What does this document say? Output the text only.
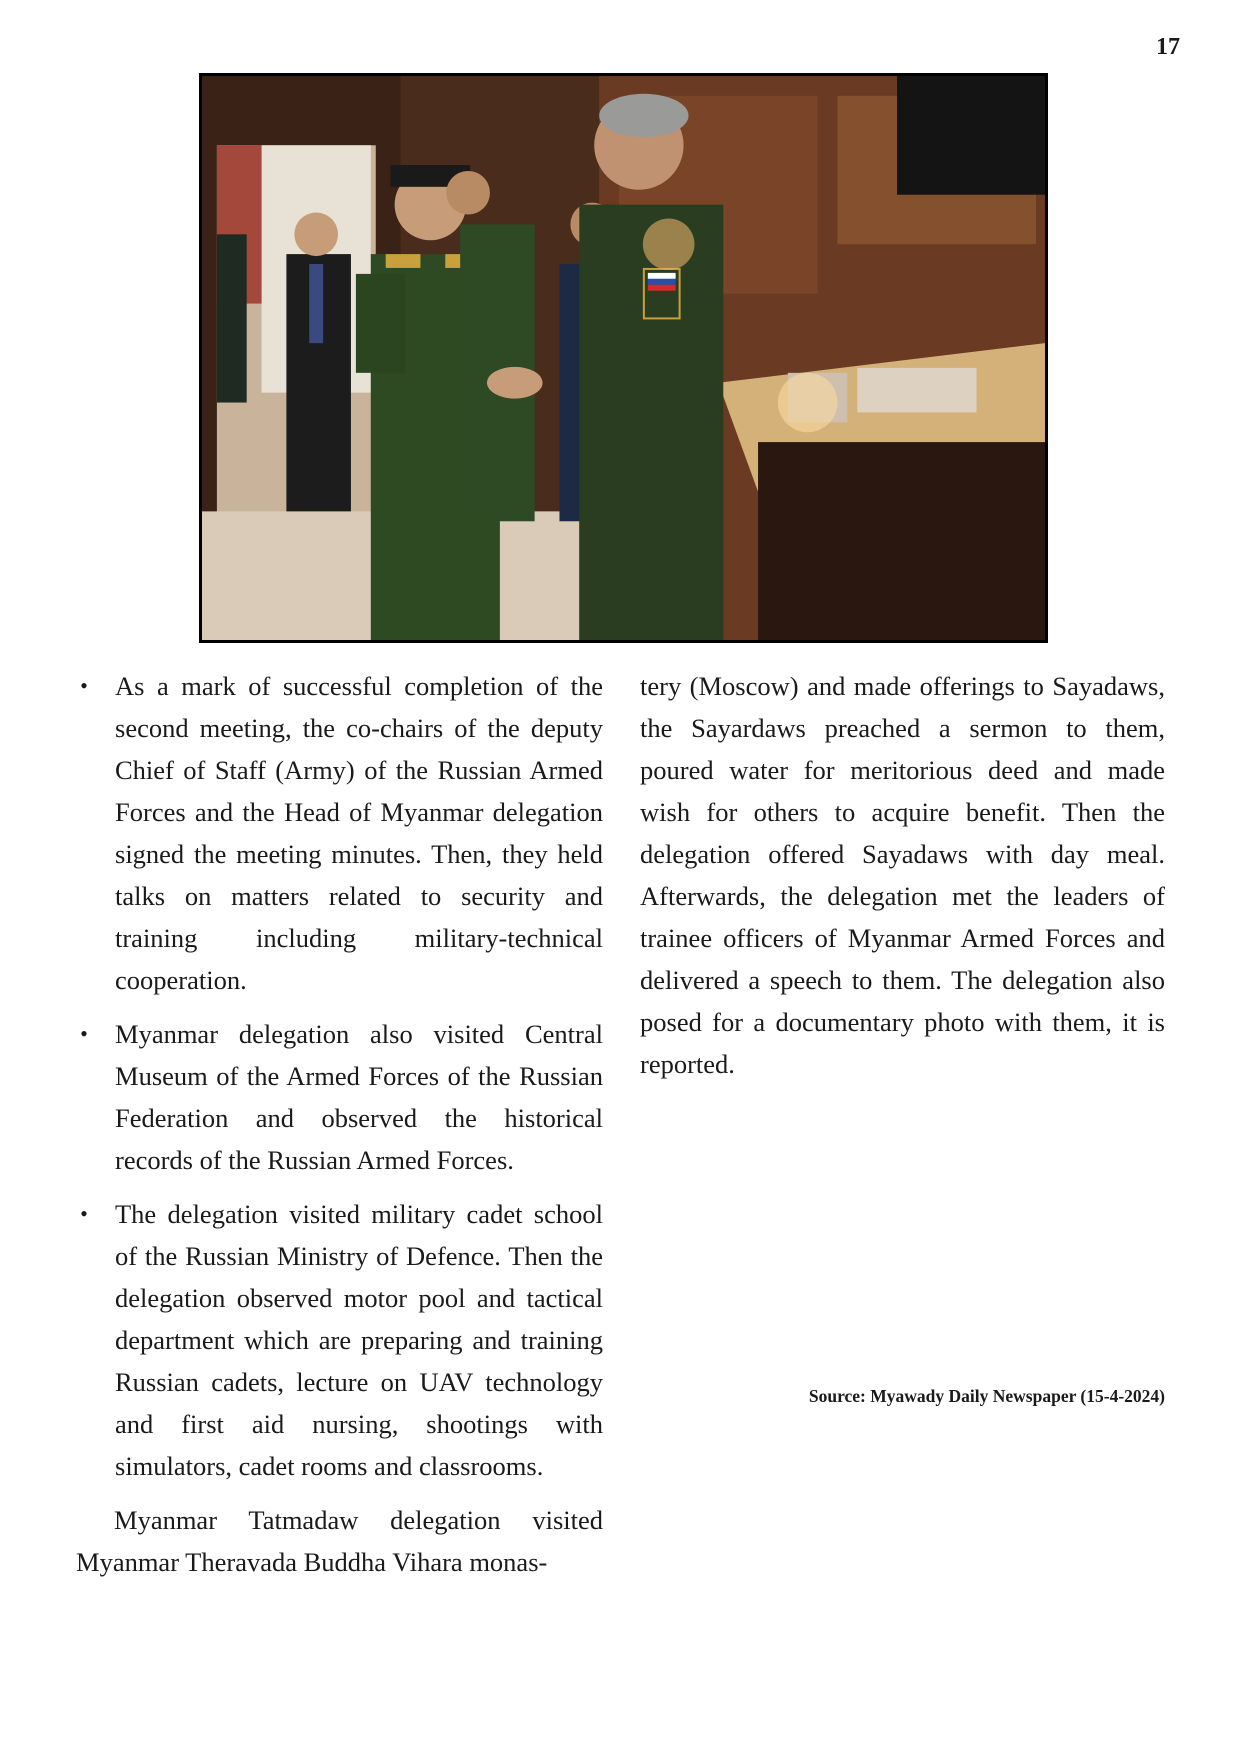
17
• As a mark of successful completion of the second meeting, the co-chairs of the deputy Chief of Staff (Army) of the Russian Armed Forces and the Head of Myanmar delegation signed the meeting minutes. Then, they held talks on matters related to security and training including military-technical cooperation.
• Myanmar delegation also visited Central Museum of the Armed Forces of the Russian Federation and observed the historical records of the Russian Armed Forces.
• The delegation visited military cadet school of the Russian Ministry of Defence. Then the delegation observed motor pool and tactical department which are preparing and training Russian cadets, lecture on UAV technology and first aid nursing, shootings with simulators, cadet rooms and classrooms.

Myanmar Tatmadaw delegation visited Myanmar Theravada Buddha Vihara monas-

tery (Moscow) and made offerings to Sayadaws, the Sayardaws preached a sermon to them, poured water for meritorious deed and made wish for others to acquire benefit. Then the delegation offered Sayadaws with day meal. Afterwards, the delegation met the leaders of trainee officers of Myanmar Armed Forces and delivered a speech to them. The delegation also posed for a documentary photo with them, it is reported.

Source: Myawady Daily Newspaper (15-4-2024)
